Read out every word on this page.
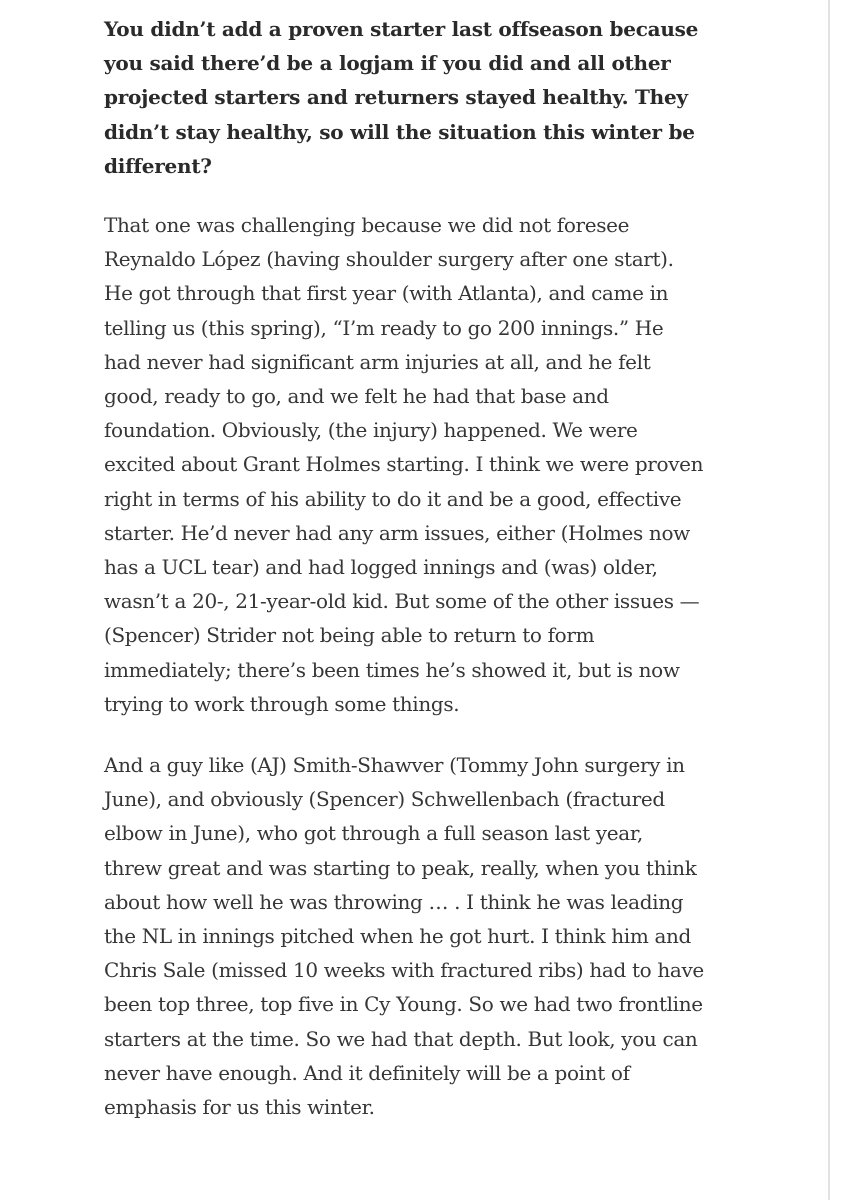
You didn’t add a proven starter last offseason because you said there’d be a logjam if you did and all other projected starters and returners stayed healthy. They didn’t stay healthy, so will the situation this winter be different?

That one was challenging because we did not foresee Reynaldo López (having shoulder surgery after one start). He got through that first year (with Atlanta), and came in telling us (this spring), “I’m ready to go 200 innings.” He had never had significant arm injuries at all, and he felt good, ready to go, and we felt he had that base and foundation. Obviously, (the injury) happened. We were excited about Grant Holmes starting. I think we were proven right in terms of his ability to do it and be a good, effective starter. He’d never had any arm issues, either (Holmes now has a UCL tear) and had logged innings and (was) older, wasn’t a 20-, 21-year-old kid. But some of the other issues — (Spencer) Strider not being able to return to form immediately; there’s been times he’s showed it, but is now trying to work through some things.

And a guy like (AJ) Smith-Shawver (Tommy John surgery in June), and obviously (Spencer) Schwellenbach (fractured elbow in June), who got through a full season last year, threw great and was starting to peak, really, when you think about how well he was throwing … . I think he was leading the NL in innings pitched when he got hurt. I think him and Chris Sale (missed 10 weeks with fractured ribs) had to have been top three, top five in Cy Young. So we had two frontline starters at the time. So we had that depth. But look, you can never have enough. And it definitely will be a point of emphasis for us this winter.
